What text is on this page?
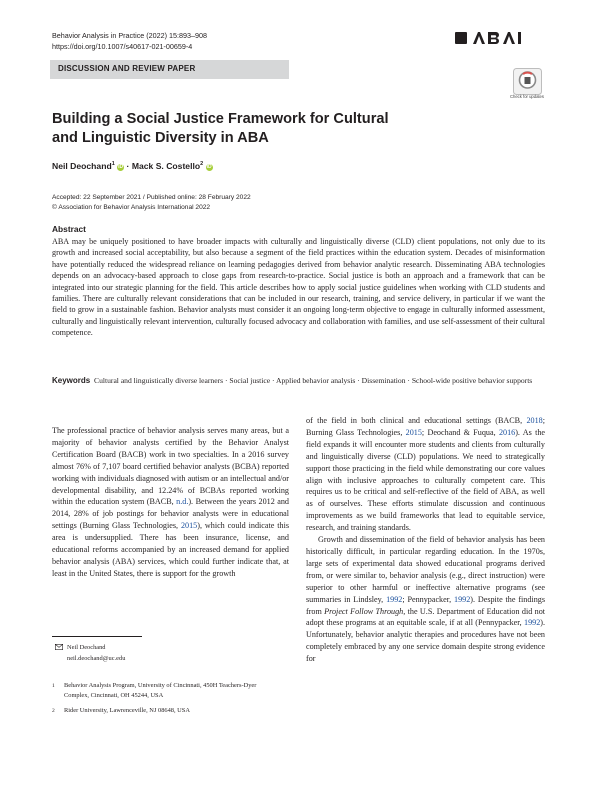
Behavior Analysis in Practice (2022) 15:893–908
https://doi.org/10.1007/s40617-021-00659-4
ABAI
DISCUSSION AND REVIEW PAPER
Check for updates
Building a Social Justice Framework for Cultural
and Linguistic Diversity in ABA
Neil Deochand$^1$ iD · Mack S. Costello$^2$ iD
Accepted: 22 September 2021 / Published online: 28 February 2022
© Association for Behavior Analysis International 2022
Abstract
ABA may be uniquely positioned to have broader impacts with culturally and linguistically diverse (CLD) client populations, not only due to its growth and increased social acceptability, but also because a segment of the field practices within the education system. Decades of misinformation have potentially reduced the widespread reliance on learning pedagogies derived from behavior analytic research. Disseminating ABA technologies depends on an advocacy-based approach to close gaps from research-to-practice. Social justice is both an approach and a framework that can be integrated into our strategic planning for the field. This article describes how to apply social justice guidelines when working with CLD students and families. There are culturally relevant considerations that can be included in our research, training, and service delivery, in particular if we want the field to grow in a sustainable fashion. Behavior analysts must consider it an ongoing long-term objective to engage in culturally informed assessment, culturally and linguistically relevant intervention, culturally focused advocacy and collaboration with families, and use self-assessment of their cultural competence.
Keywords Cultural and linguistically diverse learners · Social justice · Applied behavior analysis · Dissemination · School-wide positive behavior supports

The professional practice of behavior analysis serves many areas, but a majority of behavior analysts certified by the Behavior Analyst Certification Board (BACB) work in two specialties. In a 2016 survey almost 76% of 7,107 board certified behavior analysts (BCBA) reported working with individuals diagnosed with autism or an intellectual and/or developmental disability, and 12.24% of BCBAs reported working within the education system (BACB, n.d.). Between the years 2012 and 2014, 28% of job postings for behavior analysts were in educational settings (Burning Glass Technologies, 2015), which could indicate this area is undersupplied. There has been insurance, license, and educational reforms accompanied by an increased demand for applied behavior analysis (ABA) services, which could further indicate that, at least in the United States, there is support for the growth

of the field in both clinical and educational settings (BACB, 2018; Burning Glass Technologies, 2015; Deochand & Fuqua, 2016). As the field expands it will encounter more students and clients from culturally and linguistically diverse (CLD) populations. We need to strategically support those practicing in the field while demonstrating our core values align with inclusive approaches to culturally competent care. This requires us to be critical and self-reflective of the field of ABA, as well as of ourselves. These efforts stimulate discussion and continuous improvements as we build frameworks that lead to equitable service, research, and training standards.

Growth and dissemination of the field of behavior analysis has been historically difficult, in particular regarding education. In the 1970s, large sets of experimental data showed educational programs derived from, or were similar to, behavior analysis (e.g., direct instruction) were superior to other harmful or ineffective alternative programs (see summaries in Lindsley, 1992; Pennypacker, 1992). Despite the findings from Project Follow Through, the U.S. Department of Education did not adopt these programs at an equitable scale, if at all (Pennypacker, 1992). Unfortunately, behavior analytic therapies and procedures have not been completely embraced by any one service domain despite strong evidence for

Neil Deochand
neil.deochand@uc.edu
1 Behavior Analysis Program, University of Cincinnati, 450H Teachers-Dyer Complex, Cincinnati, OH 45244, USA
2 Rider University, Lawrenceville, NJ 08648, USA
